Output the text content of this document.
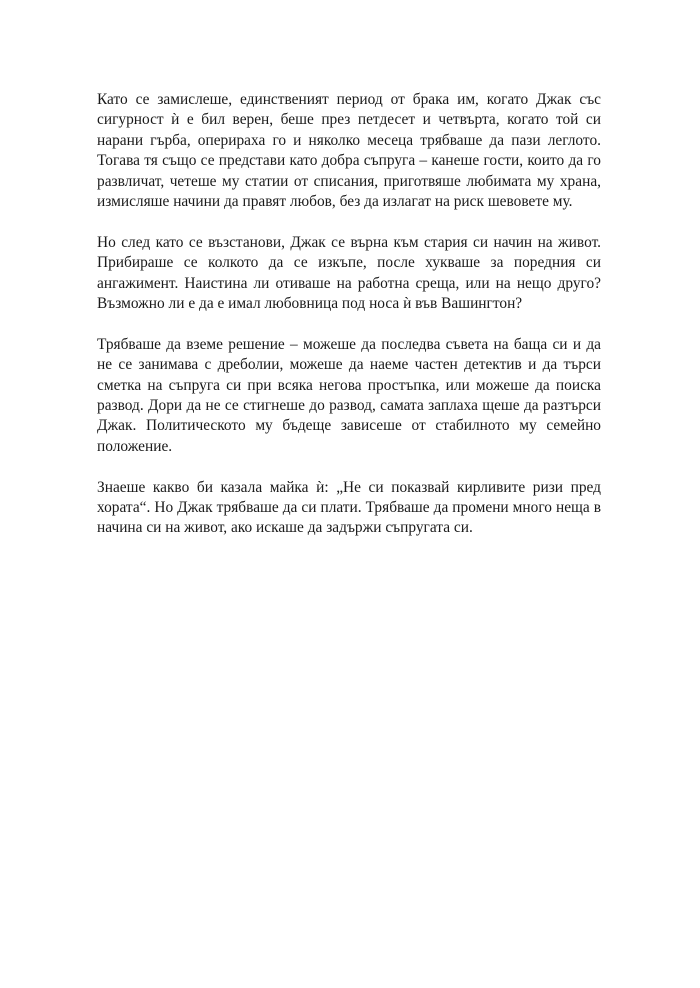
Като се замислеше, единственият период от брака им, когато Джак със сигурност ѝ е бил верен, беше през петдесет и четвърта, когато той си нарани гърба, оперираха го и няколко месеца трябваше да пази леглото. Тогава тя също се представи като добра съпруга – канеше гости, които да го развличат, четеше му статии от списания, приготвяше любимата му храна, измисляше начини да правят любов, без да излагат на риск шевовете му.

Но след като се възстанови, Джак се върна към стария си начин на живот. Прибираше се колкото да се изкъпе, после хукваше за поредния си ангажимент. Наистина ли отиваше на работна среща, или на нещо друго? Възможно ли е да е имал любовница под носа ѝ във Вашингтон?

Трябваше да вземе решение – можеше да последва съвета на баща си и да не се занимава с дреболии, можеше да наеме частен детектив и да търси сметка на съпруга си при всяка негова простъпка, или можеше да поиска развод. Дори да не се стигнеше до развод, самата заплаха щеше да разтърси Джак. Политическото му бъдеще зависеше от стабилното му семейно положение.

Знаеше какво би казала майка ѝ: „Не си показвай кирливите ризи пред хората“. Но Джак трябваше да си плати. Трябваше да промени много неща в начина си на живот, ако искаше да задържи съпругата си.
